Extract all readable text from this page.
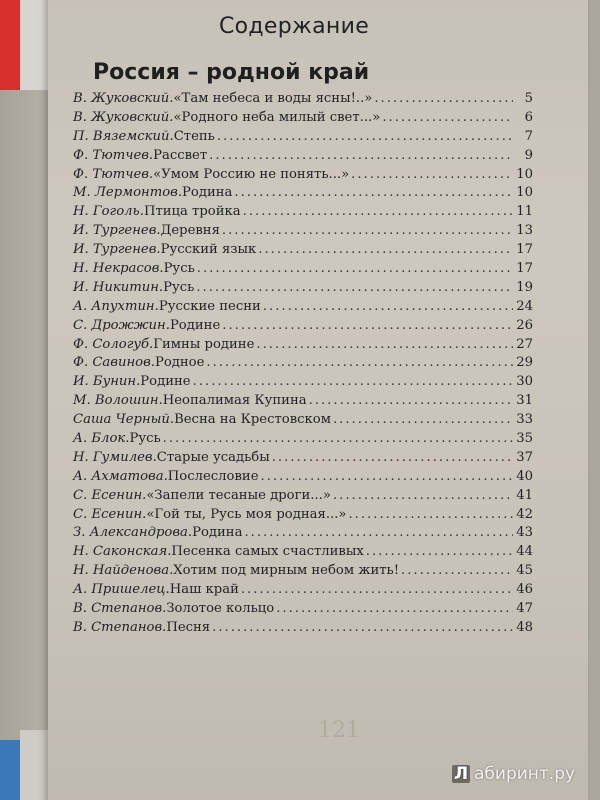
121
Содержание
Россия – родной край
В. Жуковский. «Там небеса и воды ясны!..» .....	5
В. Жуковский. «Родного неба милый свет...» .....	6
П. Вяземский. Степь .....	7
Ф. Тютчев. Рассвет .....	9
Ф. Тютчев. «Умом Россию не понять...» .....	10
М. Лермонтов. Родина .....	10
Н. Гоголь. Птица тройка .....	11
И. Тургенев. Деревня .....	13
И. Тургенев. Русский язык .....	17
Н. Некрасов. Русь .....	17
И. Никитин. Русь .....	19
А. Апухтин. Русские песни .....	24
С. Дрожжин. Родине .....	26
Ф. Сологуб. Гимны родине .....	27
Ф. Савинов. Родное .....	29
И. Бунин. Родине .....	30
М. Волошин. Неопалимая Купина .....	31
Саша Черный. Весна на Крестовском .....	33
А. Блок. Русь .....	35
Н. Гумилев. Старые усадьбы .....	37
А. Ахматова. Послесловие .....	40
С. Есенин. «Запели тесаные дроги...» .....	41
С. Есенин. «Гой ты, Русь моя родная...» .....	42
З. Александрова. Родина .....	43
Н. Саконская. Песенка самых счастливых .....	44
Н. Найденова. Хотим под мирным небом жить! .....	45
А. Пришелец. Наш край .....	46
В. Степанов. Золотое кольцо .....	47
В. Степанов. Песня .....	48
Л абиринт.ру
